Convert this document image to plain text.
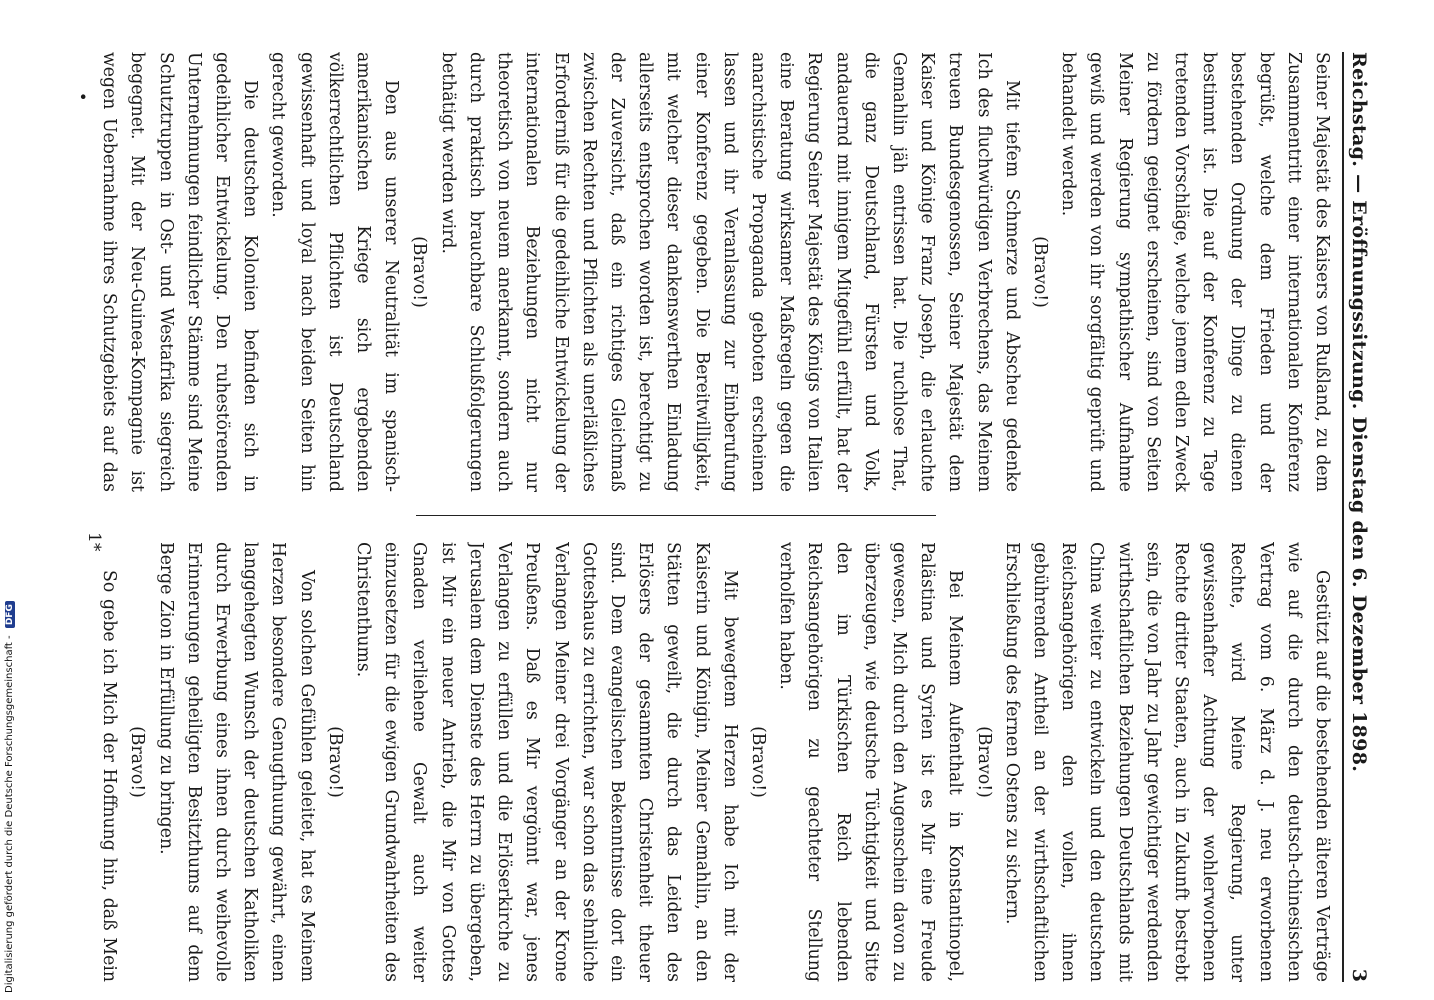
Digitalisierung gefördert durch die Deutsche Forschungsgemeinschaft - DFG	Reichstag. — Eröffnungssitzung. Dienstag den 6. Dezember 1898.
3

Seiner Majestät des Kaisers von Rußland, zu dem Zusammentritt einer internationalen Konferenz begrüßt, welche dem Frieden und der bestehenden Ordnung der Dinge zu dienen bestimmt ist. Die auf der Konferenz zu Tage tretenden Vorschläge, welche jenem edlen Zweck zu fördern geeignet erscheinen, sind von Seiten Meiner Regierung sympathischer Aufnahme gewiß und werden von ihr sorgfältig geprüft und behandelt werden.

(Bravo!)

Mit tiefem Schmerze und Abscheu gedenke Ich des fluchwürdigen Verbrechens, das Meinem treuen Bundesgenossen, Seiner Majestät dem Kaiser und Könige Franz Joseph, die erlauchte Gemahlin jäh entrissen hat. Die ruchlose That, die ganz Deutschland, Fürsten und Volk, andauernd mit innigem Mitgefühl erfüllt, hat der Regierung Seiner Majestät des Königs von Italien eine Beratung wirksamer Maßregeln gegen die anarchistische Propaganda geboten erscheinen lassen und ihr Veranlassung zur Einberufung einer Konferenz gegeben. Die Bereitwilligkeit, mit welcher dieser dankenswerthen Einladung allerseits entsprochen worden ist, berechtigt zu der Zuversicht, daß ein richtiges Gleichmaß zwischen Rechten und Pflichten als unerläßliches Erforderniß für die gedeihliche Entwickelung der internationalen Beziehungen nicht nur theoretisch von neuem anerkannt, sondern auch durch praktisch brauchbare Schlußfolgerungen bethätigt werden wird.

(Bravo!)

Den aus unserer Neutralität im spanisch-amerikanischen Kriege sich ergebenden völkerrechtlichen Pflichten ist Deutschland gewissenhaft und loyal nach beiden Seiten hin gerecht geworden.

Die deutschen Kolonien befinden sich in gedeihlicher Entwickelung. Den ruhestörenden Unternehmungen feindlicher Stämme sind Meine Schutztruppen in Ost- und Westafrika siegreich begegnet. Mit der Neu-Guinea-Kompagnie ist wegen Uebernahme ihres Schutzgebiets auf das

Gestützt auf die bestehenden älteren Verträge wie auf die durch den deutsch-chinesischen Vertrag vom 6. März d. J. neu erworbenen Rechte, wird Meine Regierung, unter gewissenhafter Achtung der wohlerworbenen Rechte dritter Staaten, auch in Zukunft bestrebt sein, die von Jahr zu Jahr gewichtiger werdenden wirthschaftlichen Beziehungen Deutschlands mit China weiter zu entwickeln und den deutschen Reichsangehörigen den vollen, ihnen gebührenden Antheil an der wirthschaftlichen Erschließung des fernen Ostens zu sichern.

(Bravo!)

Bei Meinem Aufenthalt in Konstantinopel, Palästina und Syrien ist es Mir eine Freude gewesen, Mich durch den Augenschein davon zu überzeugen, wie deutsche Tüchtigkeit und Sitte den im Türkischen Reich lebenden Reichsangehörigen zu geachteter Stellung verholfen haben.

(Bravo!)

Mit bewegtem Herzen habe Ich mit der Kaiserin und Königin, Meiner Gemahlin, an den Stätten geweilt, die durch das Leiden des Erlösers der gesammten Christenheit theuer sind. Dem evangelischen Bekenntnisse dort ein Gotteshaus zu errichten, war schon das sehnliche Verlangen Meiner drei Vorgänger an der Krone Preußens. Daß es Mir vergönnt war, jenes Verlangen zu erfüllen und die Erlöserkirche zu Jerusalem dem Dienste des Herrn zu übergeben, ist Mir ein neuer Antrieb, die Mir von Gottes Gnaden verliehene Gewalt auch weiter einzusetzen für die ewigen Grundwahrheiten des Christenthums.

(Bravo!)

Von solchen Gefühlen geleitet, hat es Meinem Herzen besondere Genugthuung gewährt, einen langgehegten Wunsch der deutschen Katholiken durch Erwerbung eines ihnen durch weihevolle Erinnerungen geheiligten Besitzthums auf dem Berge Zion in Erfüllung zu bringen.

(Bravo!)

So gebe ich Mich der Hoffnung hin, daß Mein

•
1*
